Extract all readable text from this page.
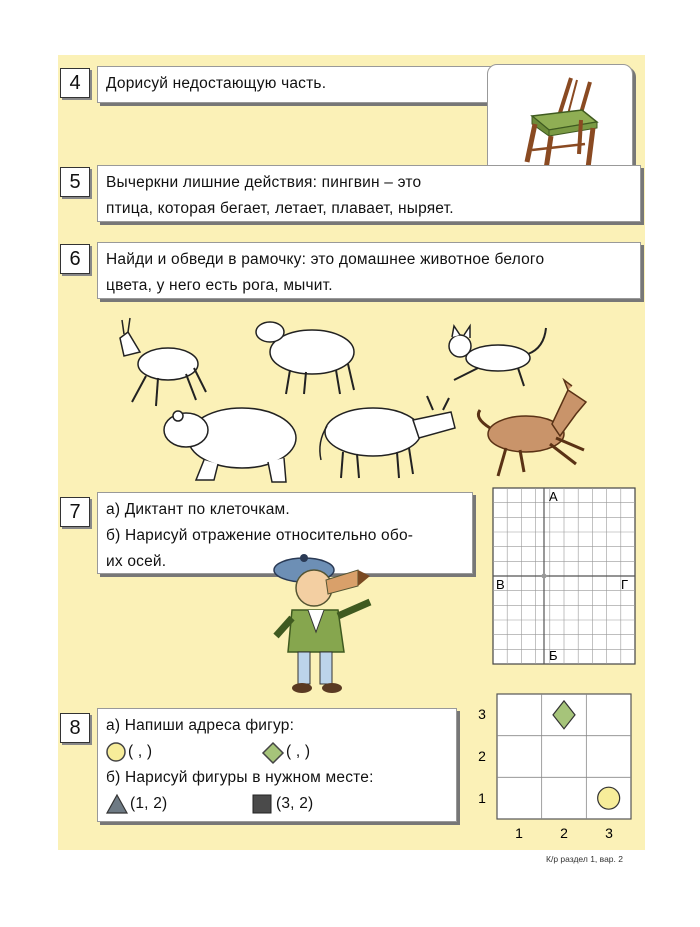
4	Дорисуй недостающую часть.
5	Вычеркни лишние действия: пингвин – это
птица, которая бегает, летает, плавает, ныряет.
6	Найди и обведи в рамочку: это домашнее животное белого
цвета, у него есть рога, мычит.
7	а) Диктант по клеточкам.
б) Нарисуй отражение относительно обо-
их осей.
А
Б
В	Г
8	а) Напиши адреса фигур:
( , )	( , )
б) Нарисуй фигуры в нужном месте:
(1, 2)	(3, 2)
1	2	3
3
2
1
К/р раздел 1, вар. 2
